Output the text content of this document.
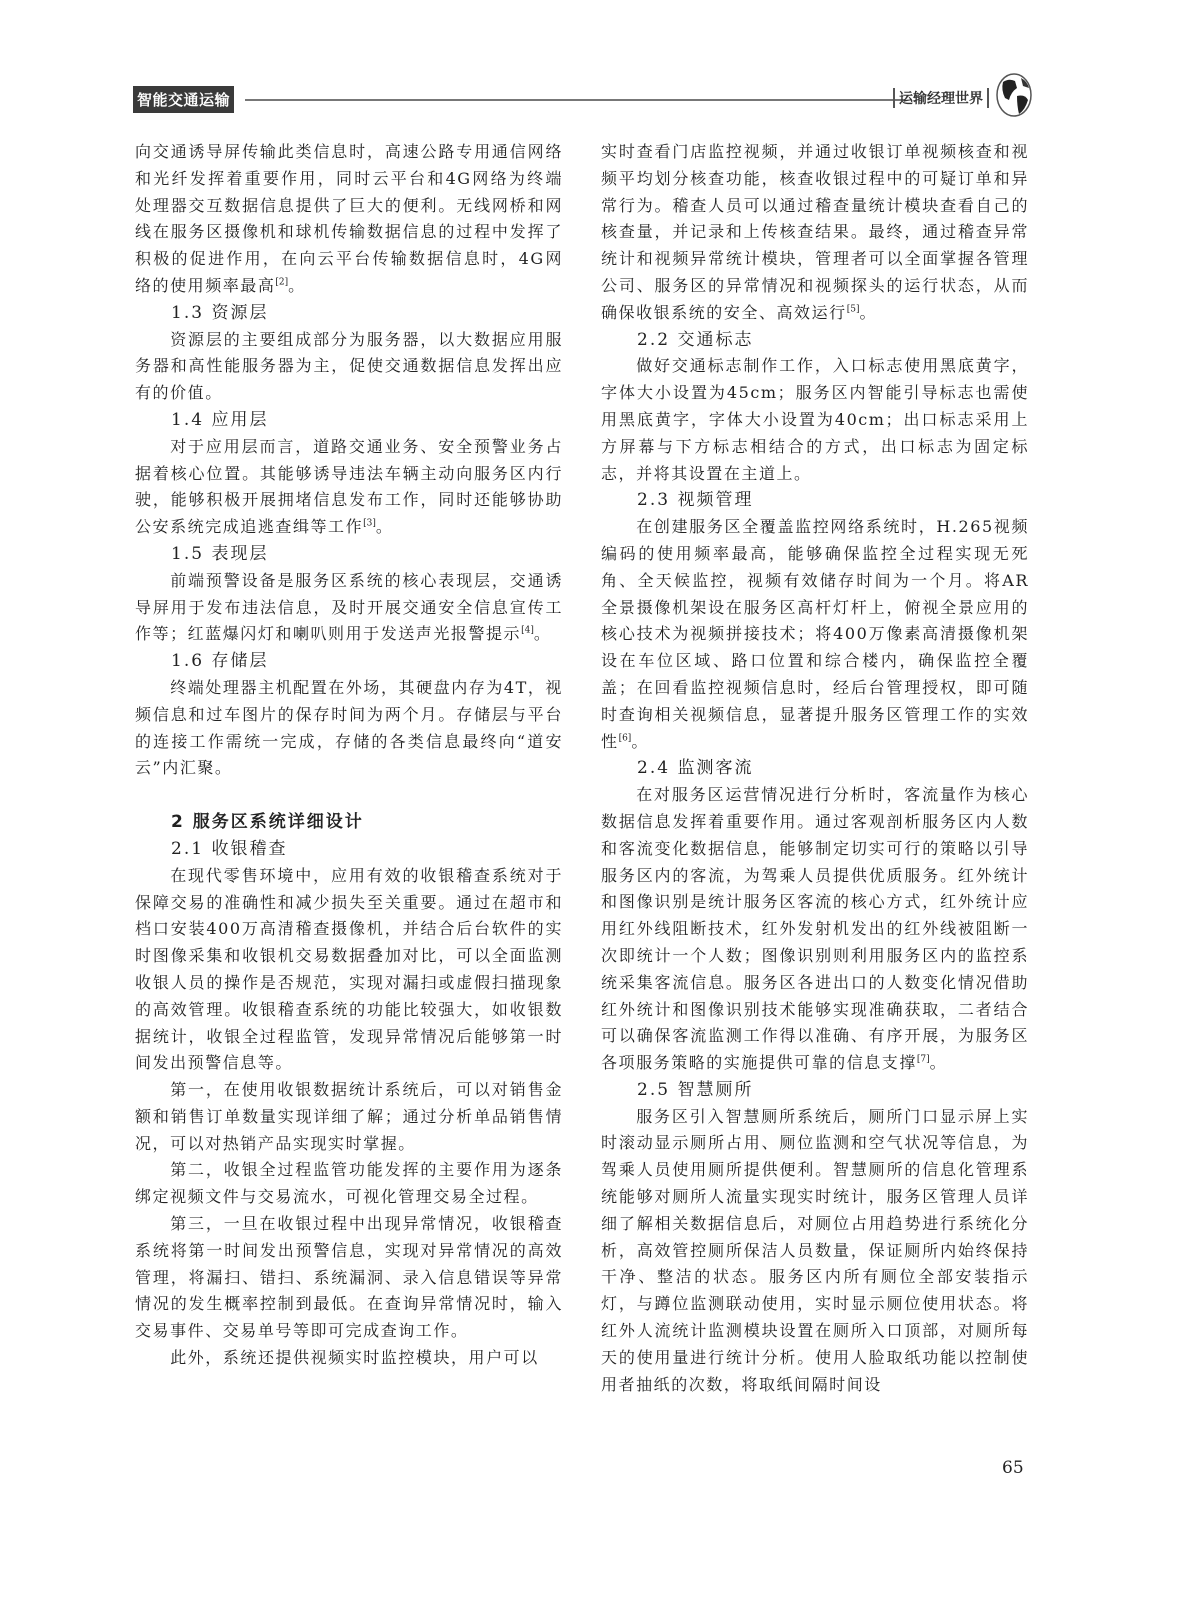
智能交通运输	运输经理世界

向交通诱导屏传输此类信息时，高速公路专用通信网络和光纤发挥着重要作用，同时云平台和4G网络为终端处理器交互数据信息提供了巨大的便利。无线网桥和网线在服务区摄像机和球机传输数据信息的过程中发挥了积极的促进作用，在向云平台传输数据信息时，4G网络的使用频率最高[2]。

1.3 资源层

资源层的主要组成部分为服务器，以大数据应用服务器和高性能服务器为主，促使交通数据信息发挥出应有的价值。

1.4 应用层

对于应用层而言，道路交通业务、安全预警业务占据着核心位置。其能够诱导违法车辆主动向服务区内行驶，能够积极开展拥堵信息发布工作，同时还能够协助公安系统完成追逃查缉等工作[3]。

1.5 表现层

前端预警设备是服务区系统的核心表现层，交通诱导屏用于发布违法信息，及时开展交通安全信息宣传工作等；红蓝爆闪灯和喇叭则用于发送声光报警提示[4]。

1.6 存储层

终端处理器主机配置在外场，其硬盘内存为4T，视频信息和过车图片的保存时间为两个月。存储层与平台的连接工作需统一完成，存储的各类信息最终向“道安云”内汇聚。

2 服务区系统详细设计
2.1 收银稽查

在现代零售环境中，应用有效的收银稽查系统对于保障交易的准确性和减少损失至关重要。通过在超市和档口安装400万高清稽查摄像机，并结合后台软件的实时图像采集和收银机交易数据叠加对比，可以全面监测收银人员的操作是否规范，实现对漏扫或虚假扫描现象的高效管理。收银稽查系统的功能比较强大，如收银数据统计，收银全过程监管，发现异常情况后能够第一时间发出预警信息等。

第一，在使用收银数据统计系统后，可以对销售金额和销售订单数量实现详细了解；通过分析单品销售情况，可以对热销产品实现实时掌握。

第二，收银全过程监管功能发挥的主要作用为逐条绑定视频文件与交易流水，可视化管理交易全过程。

第三，一旦在收银过程中出现异常情况，收银稽查系统将第一时间发出预警信息，实现对异常情况的高效管理，将漏扫、错扫、系统漏洞、录入信息错误等异常情况的发生概率控制到最低。在查询异常情况时，输入交易事件、交易单号等即可完成查询工作。

此外，系统还提供视频实时监控模块，用户可以

实时查看门店监控视频，并通过收银订单视频核查和视频平均划分核查功能，核查收银过程中的可疑订单和异常行为。稽查人员可以通过稽查量统计模块查看自己的核查量，并记录和上传核查结果。最终，通过稽查异常统计和视频异常统计模块，管理者可以全面掌握各管理公司、服务区的异常情况和视频探头的运行状态，从而确保收银系统的安全、高效运行[5]。

2.2 交通标志

做好交通标志制作工作，入口标志使用黑底黄字，字体大小设置为45cm；服务区内智能引导标志也需使用黑底黄字，字体大小设置为40cm；出口标志采用上方屏幕与下方标志相结合的方式，出口标志为固定标志，并将其设置在主道上。

2.3 视频管理

在创建服务区全覆盖监控网络系统时，H.265视频编码的使用频率最高，能够确保监控全过程实现无死角、全天候监控，视频有效储存时间为一个月。将AR全景摄像机架设在服务区高杆灯杆上，俯视全景应用的核心技术为视频拼接技术；将400万像素高清摄像机架设在车位区域、路口位置和综合楼内，确保监控全覆盖；在回看监控视频信息时，经后台管理授权，即可随时查询相关视频信息，显著提升服务区管理工作的实效性[6]。

2.4 监测客流

在对服务区运营情况进行分析时，客流量作为核心数据信息发挥着重要作用。通过客观剖析服务区内人数和客流变化数据信息，能够制定切实可行的策略以引导服务区内的客流，为驾乘人员提供优质服务。红外统计和图像识别是统计服务区客流的核心方式，红外统计应用红外线阻断技术，红外发射机发出的红外线被阻断一次即统计一个人数；图像识别则利用服务区内的监控系统采集客流信息。服务区各进出口的人数变化情况借助红外统计和图像识别技术能够实现准确获取，二者结合可以确保客流监测工作得以准确、有序开展，为服务区各项服务策略的实施提供可靠的信息支撑[7]。

2.5 智慧厕所

服务区引入智慧厕所系统后，厕所门口显示屏上实时滚动显示厕所占用、厕位监测和空气状况等信息，为驾乘人员使用厕所提供便利。智慧厕所的信息化管理系统能够对厕所人流量实现实时统计，服务区管理人员详细了解相关数据信息后，对厕位占用趋势进行系统化分析，高效管控厕所保洁人员数量，保证厕所内始终保持干净、整洁的状态。服务区内所有厕位全部安装指示灯，与蹲位监测联动使用，实时显示厕位使用状态。将红外人流统计监测模块设置在厕所入口顶部，对厕所每天的使用量进行统计分析。使用人脸取纸功能以控制使用者抽纸的次数，将取纸间隔时间设

65
